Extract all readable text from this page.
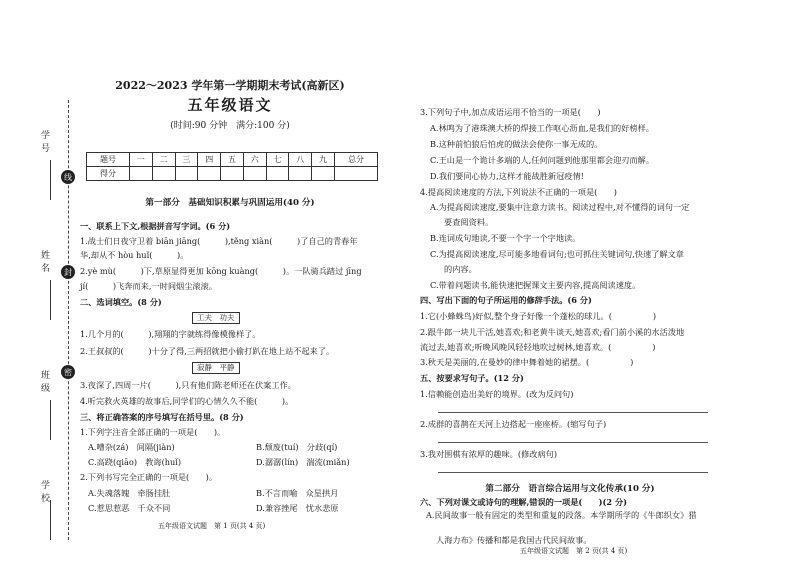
学号
线
姓名	封
班级	密
学校
2022～2023 学年第一学期期末考试(高新区)
五年级语文
(时间:90 分钟　满分:100 分)
题号	一	二	三	四	五	六	七	八	九	总分
得分										
第一部分　基础知识积累与巩固运用(40 分)
一、联系上下文,根据拼音写字词。(6 分)
1.战士们日夜守卫着 biān jiāng(　　　),těng xiàn(　　　)了自己的青春年
华,却从不 hòu huǐ(　　　)。
2.yè mù(　　　)下,草原显得更加 kōng kuàng(　　　)。一队骑兵踏过 jīng
jí(　　　)飞奔而来,一时间烟尘滚滚。
二、选词填空。(8 分)
工夫　功夫
1.几个月的(　　　),翔翔的字就练得像模像样了。
2.王叔叔的(　　　)十分了得,三两招就把小偷打趴在地上站不起来了。
寂静　平静
3.夜深了,四周一片(　　　),只有他们陈老师还在伏案工作。
4.听完救火英雄的故事后,同学们的心情久久不能(　　　)。
三、将正确答案的序号填写在括号里。(8 分)
1.下列字注音全部正确的一项是(　　)。
A.嘈杂(zá)　间隔(jiàn)	B.颓废(tuí)　分歧(qí)
C.高跷(qiāo)　教诲(huǐ)	D.潺潺(lín)　湍流(miǎn)
2.下列书写完全正确的一项是(　　)。
A.失魂落魄　牵肠挂肚	B.不言而喻　众星拱月
C.惹思惹恶　千众不同	D.兼容挫尾　忧水悲原
五年级语文试题　第 1 页(共 4 页)
3.下列句子中,加点成语运用不恰当的一项是(　　)
A.林鸣为了港珠澳大桥的焊接工作呕心沥血,是我们的好榜样。
B.这种前怕狼后怕虎的做法会使你一事无成的。
C.王山是一个诡计多端的人,任何问题到他那里都会迎刃而解。
D.我们要同心协力,这样才能战胜新冠疫情!
4.提高阅读速度的方法,下列说法不正确的一项是(　　)
A.为提高阅读速度,要集中注意力读书。阅读过程中,对不懂得的词句一定
要查阅资料。
B.连词成句地读,不要一个字一个字地读。
C.为提高阅读速度,尽可能多地看词句;也可抓住关键词句,快速了解文章
的内容。
C.带着问题读书,能快速把握课文主要内容,提高阅读速度。
四、写出下面的句子所运用的修辞手法。(6 分)
1.它(小蜂蛛鸟)好似,整个身子好像一个蓬松的球儿。(　　　　　)
2.跟牛郎一块儿干活,她喜欢;和老黄牛谈天,她喜欢;看门前小溪的水活泼地
流过去,她喜欢;听晚风晚风轻轻地吹过树林,她喜欢。(　　　　　)
3.秋天是美丽的,在曼妙的律中舞着她的裙摆。(　　　　　)
五、按要求写句子。(12 分)
1.信赖能创造出美好的境界。(改为反问句)
2.成群的喜鹊在天河上边搭起一座座桥。(缩写句子)
3.我对围棋有浓厚的趣味。(修改病句)
第二部分　语言综合运用与文化传承(10 分)
六、下列对课文或诗句的理解,错误的一项是(　　)(2 分)
A.民间故事一般有固定的类型和重复的段落。本学期所学的《牛郎织女》猎
人海力布》传播和都是我国古代民间故事。
五年级语文试题　第 2 页(共 4 页)
